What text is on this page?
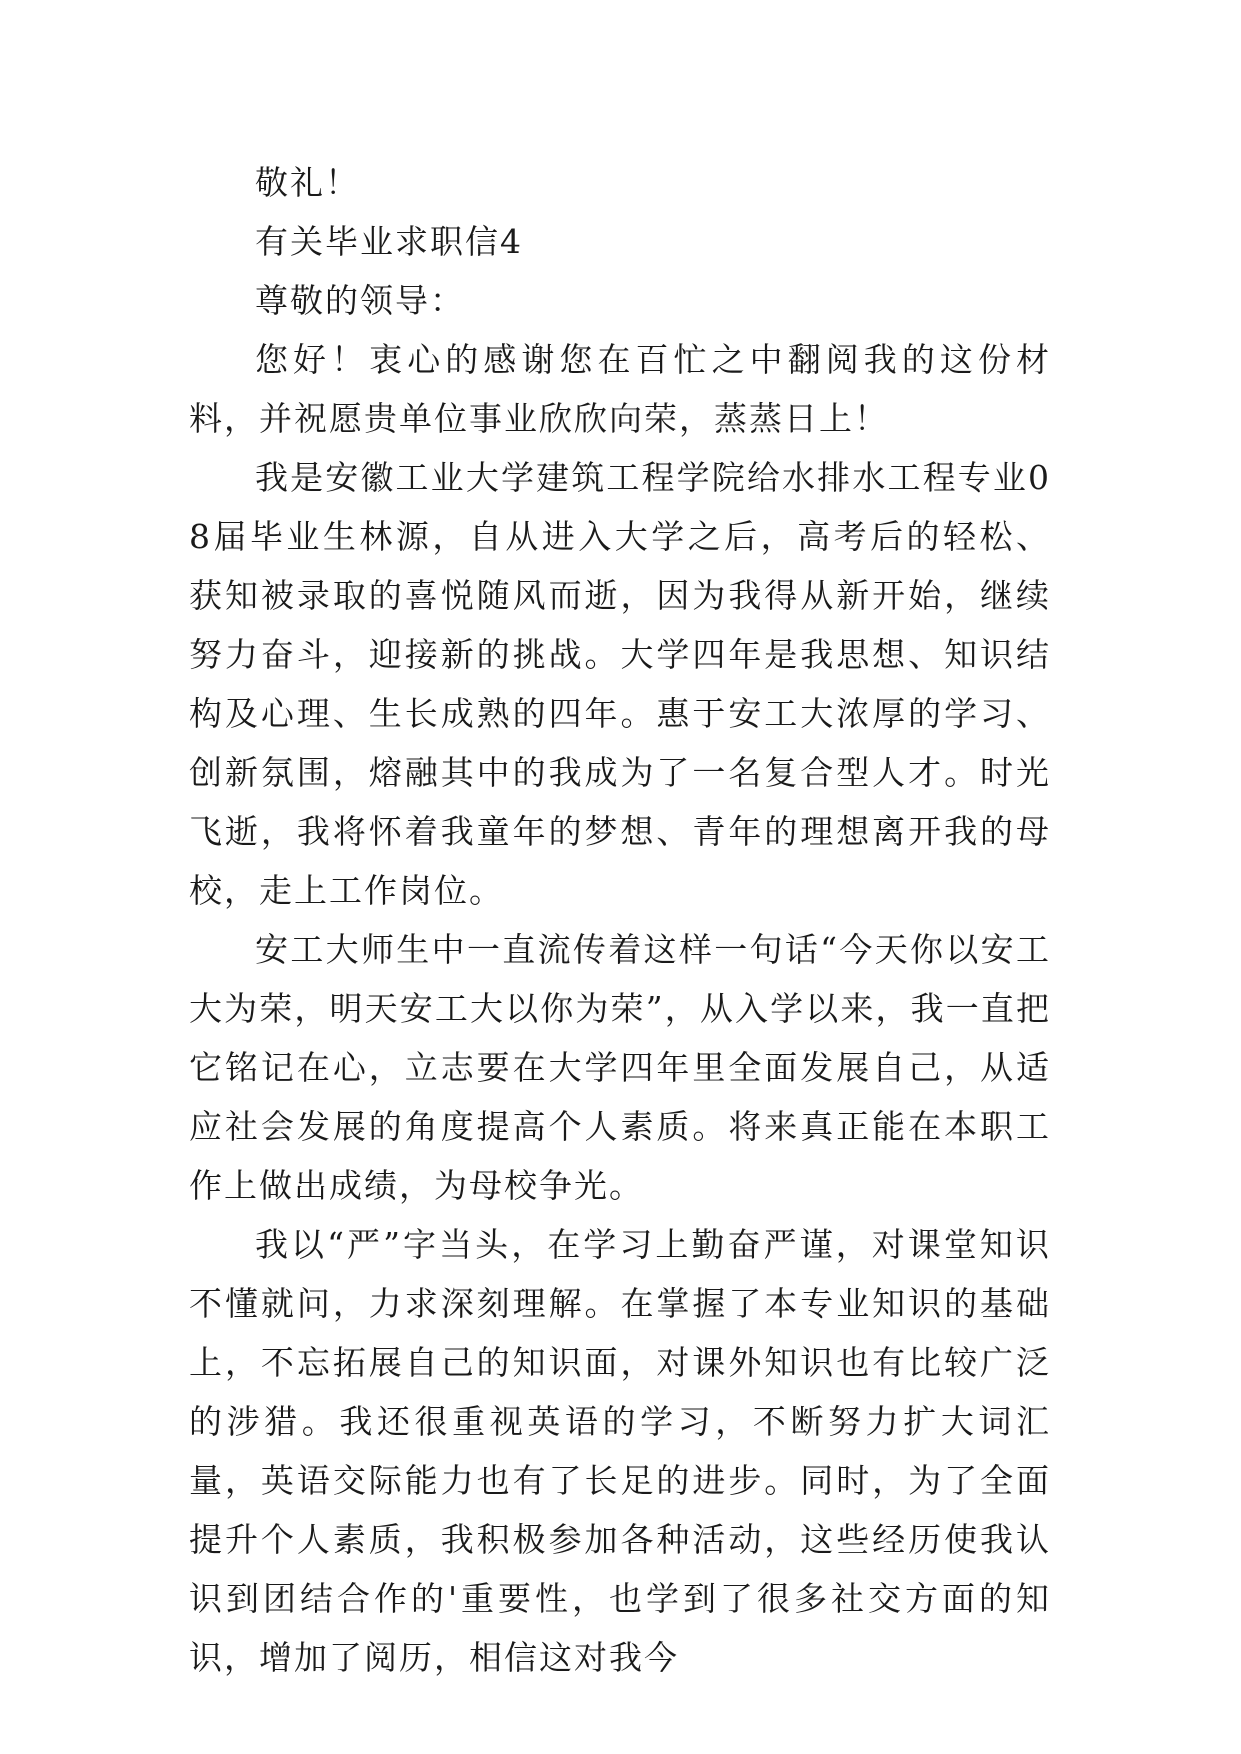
敬礼！

有关毕业求职信4

尊敬的领导：

您好！衷心的感谢您在百忙之中翻阅我的这份材料，并祝愿贵单位事业欣欣向荣，蒸蒸日上！

我是安徽工业大学建筑工程学院给水排水工程专业08届毕业生林源，自从进入大学之后，高考后的轻松、获知被录取的喜悦随风而逝，因为我得从新开始，继续努力奋斗，迎接新的挑战。大学四年是我思想、知识结构及心理、生长成熟的四年。惠于安工大浓厚的学习、创新氛围，熔融其中的我成为了一名复合型人才。时光飞逝，我将怀着我童年的梦想、青年的理想离开我的母校，走上工作岗位。

安工大师生中一直流传着这样一句话“今天你以安工大为荣，明天安工大以你为荣”，从入学以来，我一直把它铭记在心，立志要在大学四年里全面发展自己，从适应社会发展的角度提高个人素质。将来真正能在本职工作上做出成绩，为母校争光。

我以“严”字当头，在学习上勤奋严谨，对课堂知识不懂就问，力求深刻理解。在掌握了本专业知识的基础上，不忘拓展自己的知识面，对课外知识也有比较广泛的涉猎。我还很重视英语的学习，不断努力扩大词汇量，英语交际能力也有了长足的进步。同时，为了全面提升个人素质，我积极参加各种活动，这些经历使我认识到团结合作的'重要性，也学到了很多社交方面的知识，增加了阅历，相信这对我今
